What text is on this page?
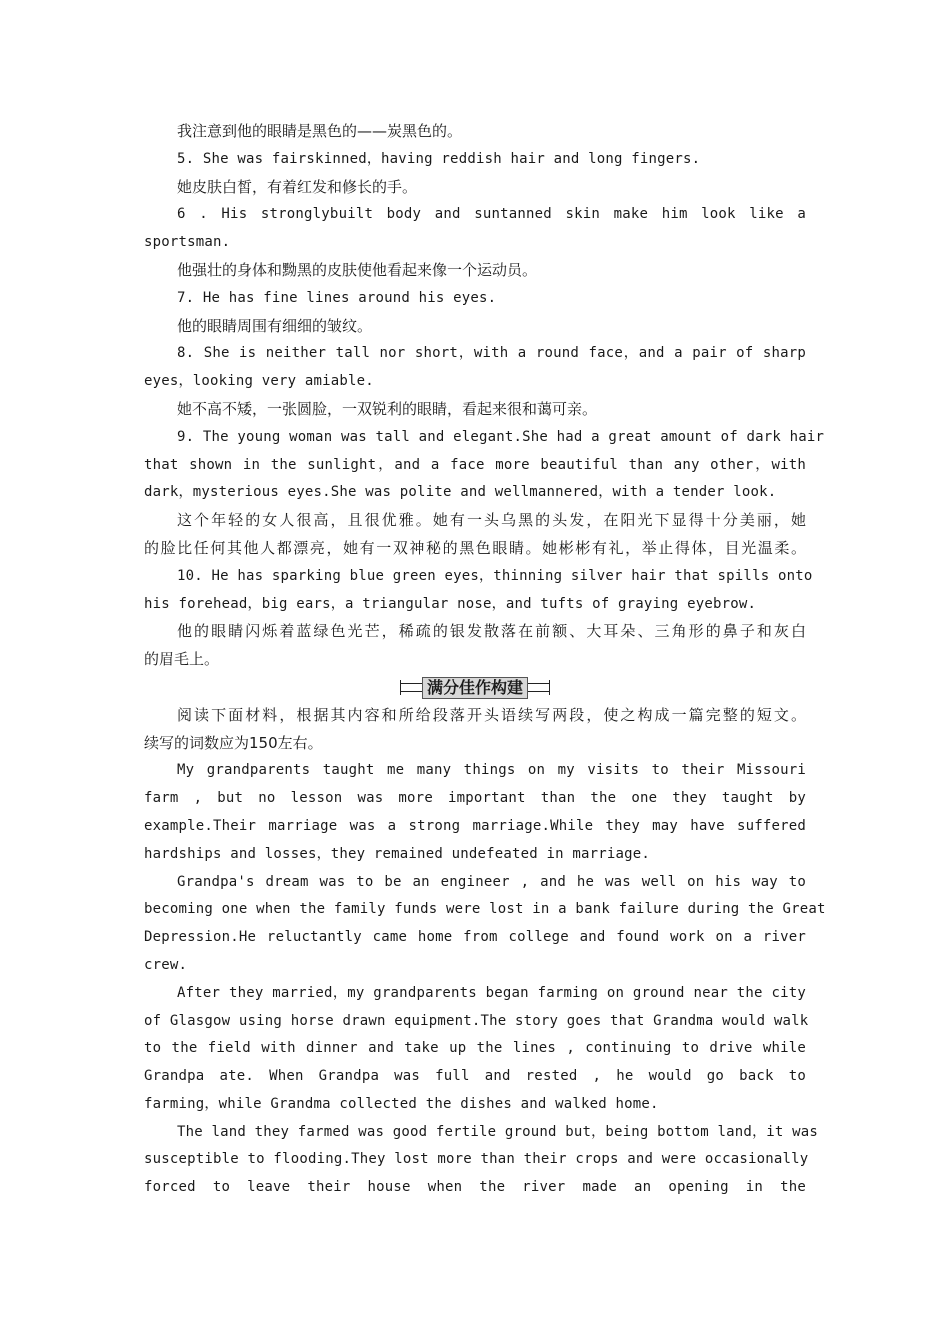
我注意到他的眼睛是黑色的——炭黑色的。
5. She was fairskinned，having reddish hair and long fingers.
她皮肤白皙，有着红发和修长的手。
6 . His stronglybuilt body and suntanned skin make him look like a
sportsman.
他强壮的身体和黝黑的皮肤使他看起来像一个运动员。
7. He has fine lines around his eyes.
他的眼睛周围有细细的皱纹。
8. She is neither tall nor short，with a round face，and a pair of sharp
eyes，looking very amiable.
她不高不矮，一张圆脸，一双锐利的眼睛，看起来很和蔼可亲。
9. The young woman was tall and elegant.She had a great amount of dark hair
that shown in the sunlight，and a face more beautiful than any other，with
dark，mysterious eyes.She was polite and wellmannered，with a tender look.
这个年轻的女人很高，且很优雅。她有一头乌黑的头发，在阳光下显得十分美丽，她
的脸比任何其他人都漂亮，她有一双神秘的黑色眼睛。她彬彬有礼，举止得体，目光温柔。
10. He has sparking blue green eyes，thinning silver hair that spills onto
his forehead，big ears，a triangular nose，and tufts of graying eyebrow.
他的眼睛闪烁着蓝绿色光芒，稀疏的银发散落在前额、大耳朵、三角形的鼻子和灰白
的眉毛上。
满分佳作构建
阅读下面材料，根据其内容和所给段落开头语续写两段，使之构成一篇完整的短文。
续写的词数应为150左右。
My grandparents taught me many things on my visits to their Missouri
farm , but no lesson was more important than the one they taught by
example.Their marriage was a strong marriage.While they may have suffered
hardships and losses，they remained undefeated in marriage.
Grandpa's dream was to be an engineer , and he was well on his way to
becoming one when the family funds were lost in a bank failure during the Great
Depression.He reluctantly came home from college and found work on a river
crew.
After they married，my grandparents began farming on ground near the city
of Glasgow using horse drawn equipment.The story goes that Grandma would walk
to the field with dinner and take up the lines , continuing to drive while
Grandpa ate. When Grandpa was full and rested , he would go back to
farming，while Grandma collected the dishes and walked home.
The land they farmed was good fertile ground but，being bottom land，it was
susceptible to flooding.They lost more than their crops and were occasionally
forced to leave their house when the river made an opening in the
